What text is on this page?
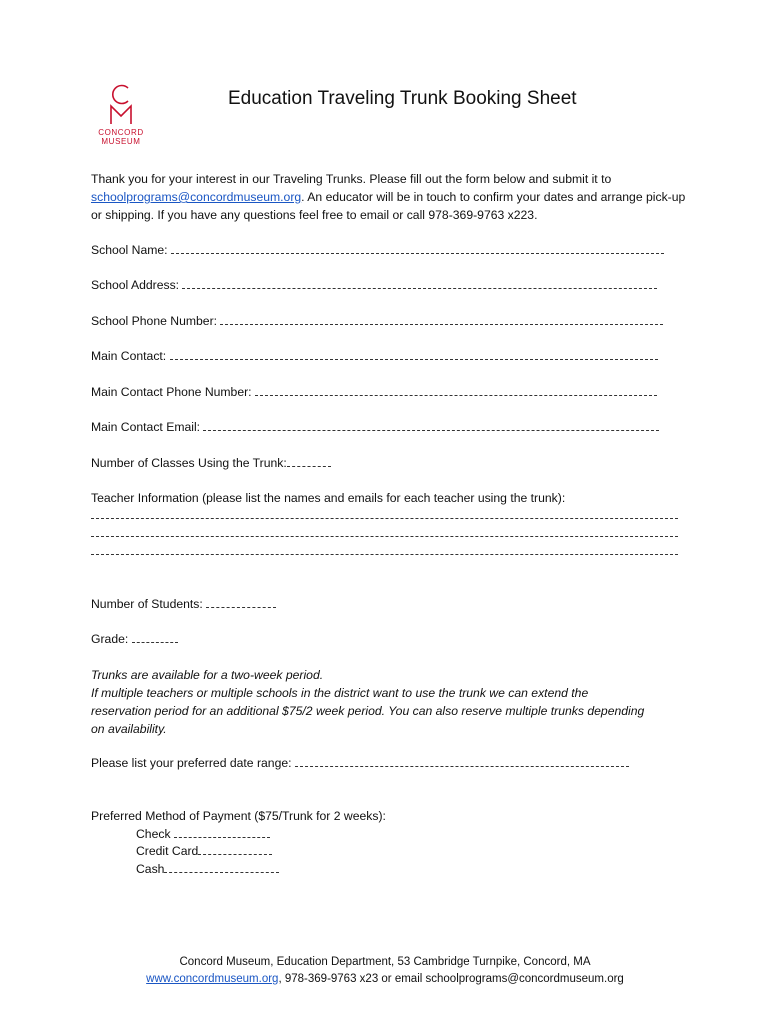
CONCORD
MUSEUM
Education Traveling Trunk Booking Sheet

Thank you for your interest in our Traveling Trunks. Please fill out the form below and submit it to schoolprograms@concordmuseum.org. An educator will be in touch to confirm your dates and arrange pick-up or shipping. If you have any questions feel free to email or call 978-369-9763 x223.

School Name:
School Address:
School Phone Number:
Main Contact:
Main Contact Phone Number:
Main Contact Email:
Number of Classes Using the Trunk:
Teacher Information (please list the names and emails for each teacher using the trunk):
Number of Students:
Grade:

Trunks are available for a two-week period.
If multiple teachers or multiple schools in the district want to use the trunk we can extend the reservation period for an additional $75/2 week period. You can also reserve multiple trunks depending on availability.

Please list your preferred date range:
Preferred Method of Payment ($75/Trunk for 2 weeks):
Check
Credit Card
Cash
Concord Museum, Education Department, 53 Cambridge Turnpike, Concord, MA
www.concordmuseum.org, 978-369-9763 x23 or email schoolprograms@concordmuseum.org
